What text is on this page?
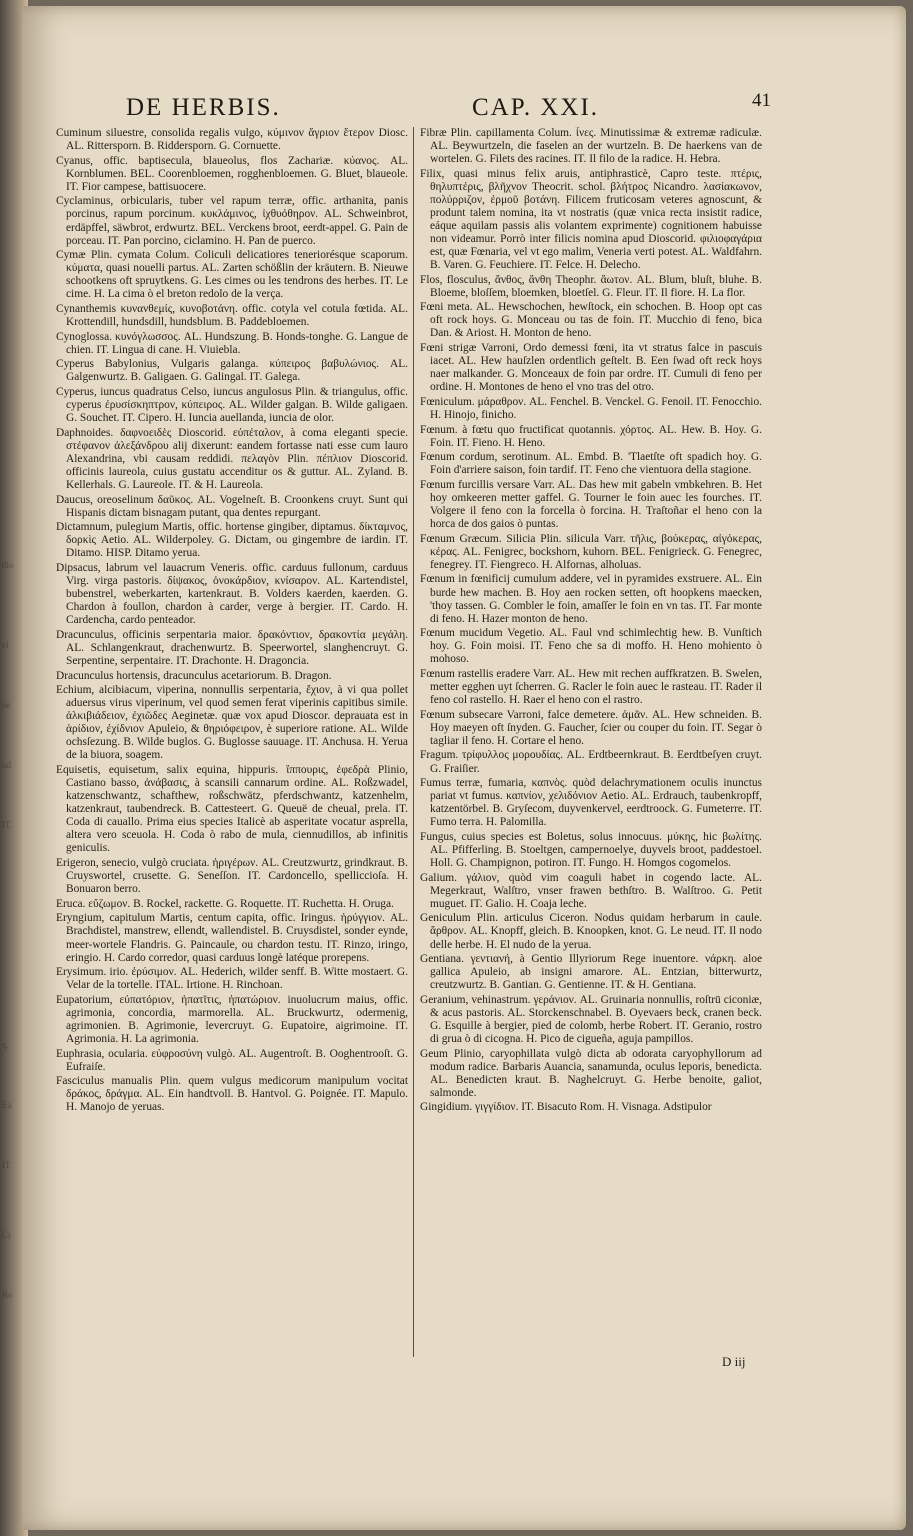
dio
el
ue
ud
IT.
q.
Ea
IT
Ci
Bo
DE HERBIS.	CAP. XXI.	41

Cuminum siluestre, consolida regalis vulgo, κύμινον ἄγριον ἕτερον Diosc. AL. Rittersporn. B. Riddersporn. G. Cornuette.

Cyanus, offic. baptisecula, blaueolus, flos Zachariæ. κύανος. AL. Kornblumen. BEL. Coorenbloemen, rogghenbloemen. G. Bluet, blaueole. IT. Fior campese, battisuocere.

Cyclaminus, orbicularis, tuber vel rapum terræ, offic. arthanita, panis porcinus, rapum porcinum. κυκλάμινος, ἰχθυόθηρον. AL. Schweinbrot, erdäpffel, säwbrot, erdwurtz. BEL. Verckens broot, eerdt-appel. G. Pain de porceau. IT. Pan porcino, ciclamino. H. Pan de puerco.

Cymæ Plin. cymata Colum. Coliculi delicatiores teneriorésque scaporum. κύματα, quasi nouelli partus. AL. Zarten schößlin der kräutern. B. Nieuwe schootkens oft spruytkens. G. Les cimes ou les tendrons des herbes. IT. Le cime. H. La cima ò el breton redolo de la verça.

Cynanthemis κυνανθεμίς, κυνοβοτάνη. offic. cotyla vel cotula fœtida. AL. Krottendill, hundsdill, hundsblum. B. Paddebloemen.

Cynoglossa. κυνόγλωσσος. AL. Hundszung. B. Honds-tonghe. G. Langue de chien. IT. Lingua di cane. H. Viuiebla.

Cyperus Babylonius, Vulgaris galanga. κύπειρος βαβυλώνιος. AL. Galgenwurtz. B. Galigaen. G. Galingal. IT. Galega.

Cyperus, iuncus quadratus Celso, iuncus angulosus Plin. & triangulus, offic. cyperus ἐρυσίσκηπτρον, κύπειρος. AL. Wilder galgan. B. Wilde galigaen. G. Souchet. IT. Cipero. H. Iuncia auellanda, iuncia de olor.

Daphnoides. δαφνοειδὲς Dioscorid. εὐπέταλον, à coma eleganti specie. στέφανον ἀλεξάνδρου alij dixerunt: eandem fortasse nati esse cum lauro Alexandrina, vbi causam reddidi. πελαγὸν Plin. πέπλιον Dioscorid. officinis laureola, cuius gustatu accenditur os & guttur. AL. Zyland. B. Kellerhals. G. Laureole. IT. & H. Laureola.

Daucus, oreoselinum δαῦκος. AL. Vogelneſt. B. Croonkens cruyt. Sunt qui Hispanis dictam bisnagam putant, qua dentes repurgant.

Dictamnum, pulegium Martis, offic. hortense gingiber, diptamus. δίκταμνος, δορκὶς Aetio. AL. Wilderpoley. G. Dictam, ou gingembre de iardin. IT. Ditamo. HISP. Ditamo yerua.

Dipsacus, labrum vel lauacrum Veneris. offic. carduus fullonum, carduus Virg. virga pastoris. δίψακος, ὀνοκάρδιον, κνίσαρον. AL. Kartendistel, bubenstrel, weberkarten, kartenkraut. B. Volders kaerden, kaerden. G. Chardon à foullon, chardon à carder, verge à bergier. IT. Cardo. H. Cardencha, cardo penteador.

Dracunculus, officinis serpentaria maior. δρακόντιον, δρακοντία μεγάλη. AL. Schlangenkraut, drachenwurtz. B. Speerwortel, slanghencruyt. G. Serpentine, serpentaire. IT. Drachonte. H. Dragoncia.

Dracunculus hortensis, dracunculus acetariorum. B. Dragon.

Echium, alcibiacum, viperina, nonnullis serpentaria, ἔχιον, à vi qua pollet aduersus virus viperinum, vel quod semen ferat viperinis capitibus simile. ἀλκιβιάδειον, ἐχιῶδες Aeginetæ. quæ vox apud Dioscor. deprauata est in ἀρίδιον, ἐχίδνιον Apuleio, & θηριόφειρον, è superiore ratione. AL. Wilde ochsſezung. B. Wilde buglos. G. Buglosse sauuage. IT. Anchusa. H. Yerua de la biuora, soagem.

Equisetis, equisetum, salix equina, hippuris. ἵππουρις, ἐφεδρὰ Plinio, Castiano basso, ἀνάβασις, à scansili cannarum ordine. AL. Roßzwadel, katzenschwantz, schafthew, roßschwätz, pferdschwantz, katzenhelm, katzenkraut, taubendreck. B. Cattesteert. G. Queuë de cheual, prela. IT. Coda di cauallo. Prima eius species Italicè ab asperitate vocatur asprella, altera vero sceuola. H. Coda ò rabo de mula, ciennudillos, ab infinitis geniculis.

Erigeron, senecio, vulgò cruciata. ἠριγέρων. AL. Creutzwurtz, grindkraut. B. Cruyswortel, crusette. G. Seneſſon. IT. Cardoncello, spelliccioſa. H. Bonuaron berro.

Eruca. εὔζωμον. B. Rockel, rackette. G. Roquette. IT. Ruchetta. H. Oruga.

Eryngium, capitulum Martis, centum capita, offic. Iringus. ἠρύγγιον. AL. Brachdistel, manstrew, ellendt, wallendistel. B. Cruysdistel, sonder eynde, meer-wortele Flandris. G. Paincaule, ou chardon testu. IT. Rinzo, iringo, eringio. H. Cardo corredor, quasi carduus longè latéque prorepens.

Erysimum. irio. ἐρύσιμον. AL. Hederich, wilder senff. B. Witte mostaert. G. Velar de la tortelle. ITAL. Irtione. H. Rinchoan.

Eupatorium, εὐπατόριον, ἡπατῖτις, ἠπατώριον. inuolucrum maius, offic. agrimonia, concordia, marmorella. AL. Bruckwurtz, odermenig, agrimonien. B. Agrimonie, levercruyt. G. Eupatoire, aigrimoine. IT. Agrimonia. H. La agrimonia.

Euphrasia, ocularia. εὐφροσύνη vulgò. AL. Augentroſt. B. Ooghentrooſt. G. Eufraiſe.

Fasciculus manualis Plin. quem vulgus medicorum manipulum vocitat δράκος, δράγμα. AL. Ein handtvoll. B. Hantvol. G. Poignée. IT. Mapulo. H. Manojo de yeruas.

Fibræ Plin. capillamenta Colum. ἶνες. Minutissimæ & extremæ radiculæ. AL. Beywurtzeln, die faselen an der wurtzeln. B. De haerkens van de wortelen. G. Filets des racines. IT. Il filo de la radice. H. Hebra.

Filix, quasi minus felix aruis, antiphrasticè, Capro teste. πτέρις, θηλυπτέρις, βλῆχνον Theocrit. schol. βλήτρος Nicandro. λασίακωνον, πολύρριζον, ἐρμοῦ βοτάνη. Filicem fruticosam veteres agnoscunt, & produnt talem nomina, ita vt nostratis (quæ vnica recta insistit radice, eáque aquilam passis alis volantem exprimente) cognitionem habuisse non videamur. Porrò inter filicis nomina apud Dioscorid. φιλιοφαγάρια est, quæ Fœnaria, vel vt ego malim, Veneria verti potest. AL. Waldfahrn. B. Varen. G. Feuchiere. IT. Felce. H. Delecho.

Flos, flosculus, ἄνθος, ἄνθη Theophr. ἄωτον. AL. Blum, bluſt, bluhe. B. Bloeme, bloſſem, bloemken, bloetſel. G. Fleur. IT. Il fiore. H. La flor.

Fœni meta. AL. Hewschochen, hewſtock, ein schochen. B. Hoop opt cas oft rock hoys. G. Monceau ou tas de foin. IT. Mucchio di feno, bica Dan. & Ariost. H. Monton de heno.

Fœni strigæ Varroni, Ordo demessi fœni, ita vt stratus falce in pascuis iacet. AL. Hew hauſzlen ordentlich geſtelt. B. Een ſwad oft reck hoys naer malkander. G. Monceaux de foin par ordre. IT. Cumuli di feno per ordine. H. Montones de heno el vno tras del otro.

Fœniculum. μάραθρον. AL. Fenchel. B. Venckel. G. Fenoil. IT. Fenocchio. H. Hinojo, finicho.

Fœnum. à fœtu quo fructificat quotannis. χόρτος. AL. Hew. B. Hoy. G. Foin. IT. Fieno. H. Heno.

Fœnum cordum, serotinum. AL. Embd. B. 'Tlaetſte oft spadich hoy. G. Foin d'arriere saison, foin tardif. IT. Feno che vientuora della stagione.

Fœnum furcillis versare Varr. AL. Das hew mit gabeln vmbkehren. B. Het hoy omkeeren metter gaffel. G. Tourner le foin auec les fourches. IT. Volgere il feno con la forcella ò forcina. H. Traſtoñar el heno con la horca de dos gaios ò puntas.

Fœnum Græcum. Silicia Plin. silicula Varr. τῆλις, βούκερας, αἰγόκερας, κέρας. AL. Fenigrec, bockshorn, kuhorn. BEL. Fenigrieck. G. Fenegrec, fenegrey. IT. Fiengreco. H. Alfornas, alholuas.

Fœnum in fœnificij cumulum addere, vel in pyramides exstruere. AL. Ein burde hew machen. B. Hoy aen rocken setten, oft hoopkens maecken, 'thoy tassen. G. Combler le foin, amaſſer le foin en vn tas. IT. Far monte di feno. H. Hazer monton de heno.

Fœnum mucidum Vegetio. AL. Faul vnd schimlechtig hew. B. Vunſtich hoy. G. Foin moisi. IT. Feno che sa di moffo. H. Heno mohiento ò mohoso.

Fœnum rastellis eradere Varr. AL. Hew mit rechen auffkratzen. B. Swelen, metter egghen uyt ſcherren. G. Racler le foin auec le rasteau. IT. Rader il feno col rastello. H. Raer el heno con el rastro.

Fœnum subsecare Varroni, falce demetere. ἀμᾶν. AL. Hew schneiden. B. Hoy maeyen oft ſnyden. G. Faucher, ſcier ou couper du foin. IT. Segar ò tagliar il feno. H. Cortare el heno.

Fragum. τρίφυλλος μορουδίας. AL. Erdtbeernkraut. B. Eerdtbeſyen cruyt. G. Fraiſier.

Fumus terræ, fumaria, καπνὸς. quòd delachrymationem oculis inunctus pariat vt fumus. καπνίον, χελιδόνιον Aetio. AL. Erdrauch, taubenkropff, katzentörbel. B. Gryſecom, duyvenkervel, eerdtroock. G. Fumeterre. IT. Fumo terra. H. Palomilla.

Fungus, cuius species est Boletus, solus innocuus. μύκης, hic βωλίτης. AL. Pfifferling. B. Stoeltgen, campernoelye, duyvels broot, paddestoel. Holl. G. Champignon, potiron. IT. Fungo. H. Homgos cogomelos.

Galium. γάλιον, quòd vim coaguli habet in cogendo lacte. AL. Megerkraut, Walſtro, vnser frawen bethſtro. B. Walſtroo. G. Petit muguet. IT. Galio. H. Coaja leche.

Geniculum Plin. articulus Ciceron. Nodus quidam herbarum in caule. ἄρθρον. AL. Knopff, gleich. B. Knoopken, knot. G. Le neud. IT. Il nodo delle herbe. H. El nudo de la yerua.

Gentiana. γεντιανή, à Gentio Illyriorum Rege inuentore. νάρκη. aloe gallica Apuleio, ab insigni amarore. AL. Entzian, bitterwurtz, creutzwurtz. B. Gantian. G. Gentienne. IT. & H. Gentiana.

Geranium, vehinastrum. γεράνιον. AL. Gruinaria nonnullis, roſtrū ciconiæ, & acus pastoris. AL. Storckenschnabel. B. Oyevaers beck, cranen beck. G. Esquille à bergier, pied de colomb, herbe Robert. IT. Geranio, rostro di grua ò di cicogna. H. Pico de cigueña, aguja pampillos.

Geum Plinio, caryophillata vulgò dicta ab odorata caryophyllorum ad modum radice. Barbaris Auancia, sanamunda, oculus leporis, benedicta. AL. Benedicten kraut. B. Naghelcruyt. G. Herbe benoite, galiot, salmonde.

Gingidium. γιγγίδιον. IT. Bisacuto Rom. H. Visnaga. Adstipulor

D iij
